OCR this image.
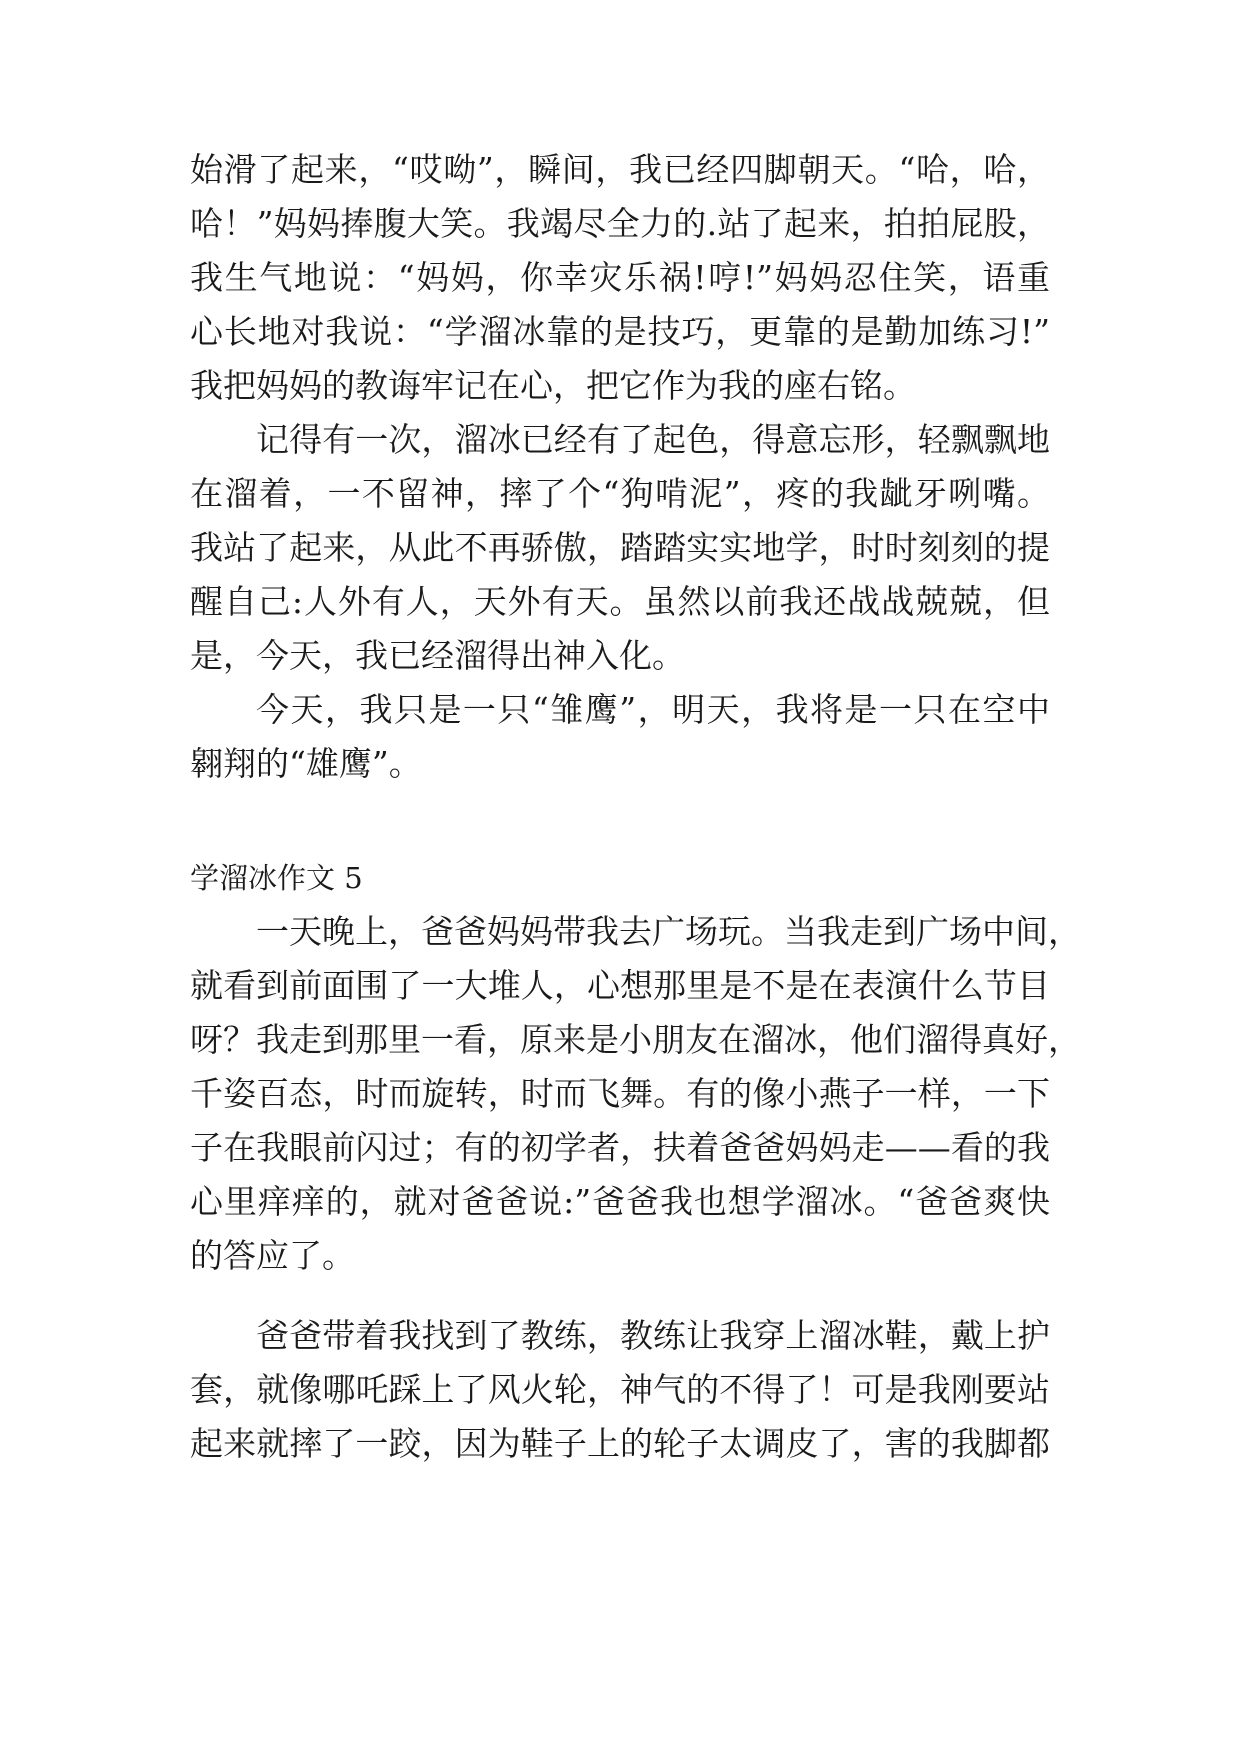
始滑了起来，“哎呦”，瞬间，我已经四脚朝天。“哈，哈，
哈！”妈妈捧腹大笑。我竭尽全力的.站了起来，拍拍屁股，
我生气地说：“妈妈，你幸灾乐祸!哼!”妈妈忍住笑，语重
心长地对我说：“学溜冰靠的是技巧，更靠的是勤加练习!”
我把妈妈的教诲牢记在心，把它作为我的座右铭。
记得有一次，溜冰已经有了起色，得意忘形，轻飘飘地
在溜着，一不留神，摔了个“狗啃泥”，疼的我龇牙咧嘴。
我站了起来，从此不再骄傲，踏踏实实地学，时时刻刻的提
醒自己:人外有人，天外有天。虽然以前我还战战兢兢，但
是，今天，我已经溜得出神入化。
今天，我只是一只“雏鹰”，明天，我将是一只在空中
翱翔的“雄鹰”。
学溜冰作文 5
一天晚上，爸爸妈妈带我去广场玩。当我走到广场中间，
就看到前面围了一大堆人，心想那里是不是在表演什么节目
呀？我走到那里一看，原来是小朋友在溜冰，他们溜得真好，
千姿百态，时而旋转，时而飞舞。有的像小燕子一样，一下
子在我眼前闪过；有的初学者，扶着爸爸妈妈走——看的我
心里痒痒的，就对爸爸说:”爸爸我也想学溜冰。“爸爸爽快
的答应了。
爸爸带着我找到了教练，教练让我穿上溜冰鞋，戴上护
套，就像哪吒踩上了风火轮，神气的不得了！可是我刚要站
起来就摔了一跤，因为鞋子上的轮子太调皮了，害的我脚都
